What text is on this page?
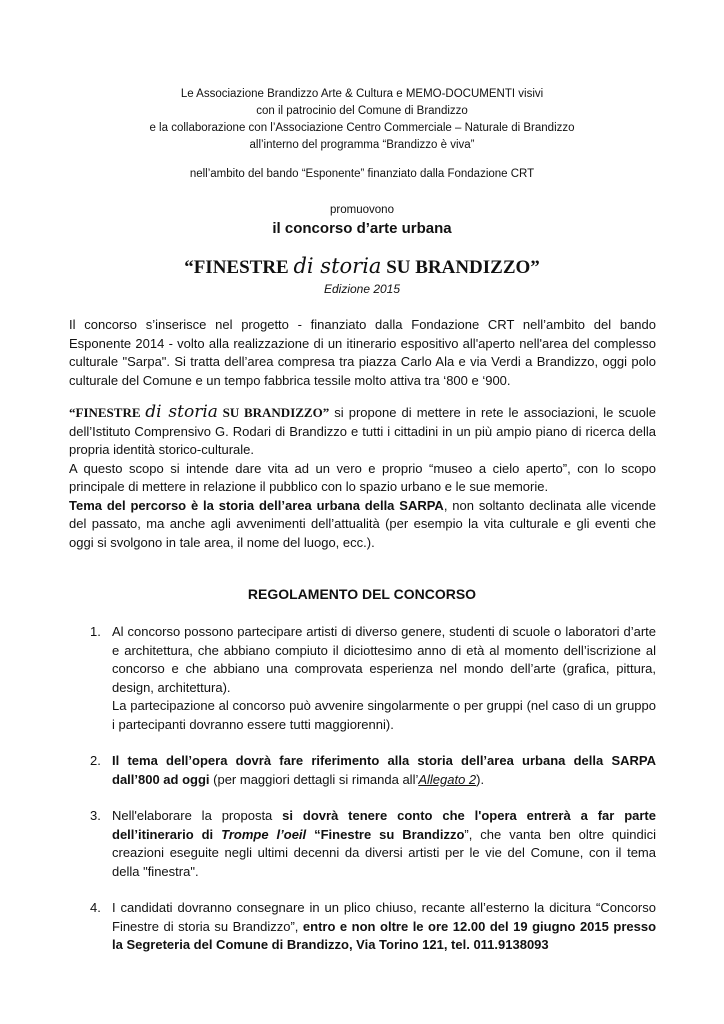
Le Associazione Brandizzo Arte & Cultura e MEMO-DOCUMENTI visivi

con il patrocinio del Comune di Brandizzo

e la collaborazione con l’Associazione Centro Commerciale – Naturale di Brandizzo

all’interno del programma “Brandizzo è viva”

nell’ambito del bando “Esponente” finanziato dalla Fondazione CRT

promuovono

il concorso d’arte urbana

“FINESTRE di storia SU BRANDIZZO”

Edizione 2015

Il concorso s’inserisce nel progetto - finanziato dalla Fondazione CRT nell’ambito del bando Esponente 2014 - volto alla realizzazione di un itinerario espositivo all'aperto nell'area del complesso culturale "Sarpa". Si tratta dell’area compresa tra piazza Carlo Ala e via Verdi a Brandizzo, oggi polo culturale del Comune e un tempo fabbrica tessile molto attiva tra ‘800 e ‘900.

“FINESTRE di storia SU BRANDIZZO” si propone di mettere in rete le associazioni, le scuole dell’Istituto Comprensivo G. Rodari di Brandizzo e tutti i cittadini in un più ampio piano di ricerca della propria identità storico-culturale.

A questo scopo si intende dare vita ad un vero e proprio “museo a cielo aperto”, con lo scopo principale di mettere in relazione il pubblico con lo spazio urbano e le sue memorie.

Tema del percorso è la storia dell’area urbana della SARPA, non soltanto declinata alle vicende del passato, ma anche agli avvenimenti dell’attualità (per esempio la vita culturale e gli eventi che oggi si svolgono in tale area, il nome del luogo, ecc.).

REGOLAMENTO DEL CONCORSO

1. Al concorso possono partecipare artisti di diverso genere, studenti di scuole o laboratori d’arte e architettura, che abbiano compiuto il diciottesimo anno di età al momento dell’iscrizione al concorso e che abbiano una comprovata esperienza nel mondo dell’arte (grafica, pittura, design, architettura).

La partecipazione al concorso può avvenire singolarmente o per gruppi (nel caso di un gruppo i partecipanti dovranno essere tutti maggiorenni).

2. Il tema dell’opera dovrà fare riferimento alla storia dell’area urbana della SARPA dall’800 ad oggi (per maggiori dettagli si rimanda all’Allegato 2).

3. Nell'elaborare la proposta si dovrà tenere conto che l'opera entrerà a far parte dell’itinerario di Trompe l’oeil “Finestre su Brandizzo”, che vanta ben oltre quindici creazioni eseguite negli ultimi decenni da diversi artisti per le vie del Comune, con il tema della "finestra".

4. I candidati dovranno consegnare in un plico chiuso, recante all’esterno la dicitura “Concorso Finestre di storia su Brandizzo”, entro e non oltre le ore 12.00 del 19 giugno 2015 presso la Segreteria del Comune di Brandizzo, Via Torino 121, tel. 011.9138093
